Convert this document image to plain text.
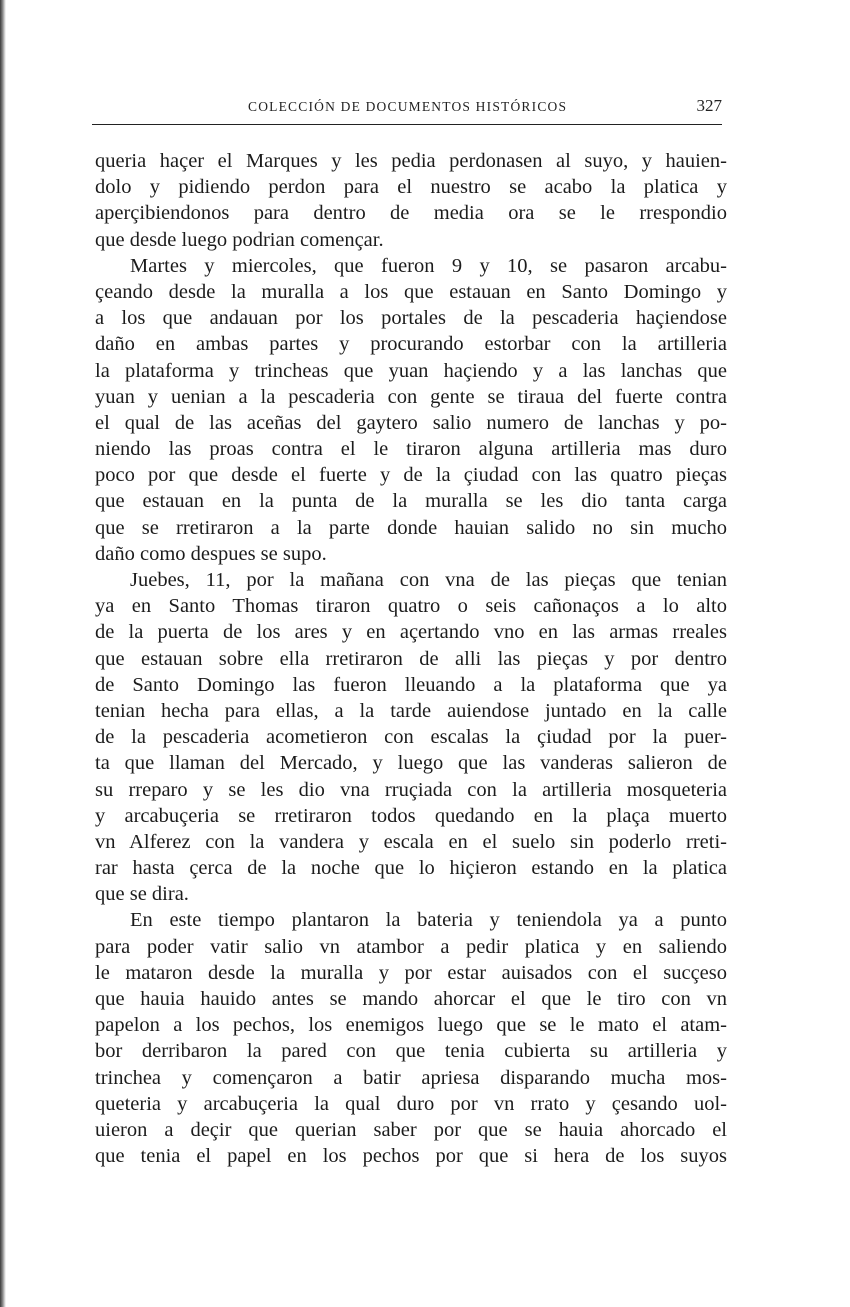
COLECCIÓN DE DOCUMENTOS HISTÓRICOS	327
queria haçer el Marques y les pedia perdonasen al suyo, y hauien-
dolo y pidiendo perdon para el nuestro se acabo la platica y
aperçibiendonos para dentro de media ora se le rrespondio
que desde luego podrian començar.
Martes y miercoles, que fueron 9 y 10, se pasaron arcabu-
çeando desde la muralla a los que estauan en Santo Domingo y
a los que andauan por los portales de la pescaderia haçiendose
daño en ambas partes y procurando estorbar con la artilleria
la plataforma y trincheas que yuan haçiendo y a las lanchas que
yuan y uenian a la pescaderia con gente se tiraua del fuerte contra
el qual de las aceñas del gaytero salio numero de lanchas y po-
niendo las proas contra el le tiraron alguna artilleria mas duro
poco por que desde el fuerte y de la çiudad con las quatro pieças
que estauan en la punta de la muralla se les dio tanta carga
que se rretiraron a la parte donde hauian salido no sin mucho
daño como despues se supo.
Juebes, 11, por la mañana con vna de las pieças que tenian
ya en Santo Thomas tiraron quatro o seis cañonaços a lo alto
de la puerta de los ares y en açertando vno en las armas rreales
que estauan sobre ella rretiraron de alli las pieças y por dentro
de Santo Domingo las fueron lleuando a la plataforma que ya
tenian hecha para ellas, a la tarde auiendose juntado en la calle
de la pescaderia acometieron con escalas la çiudad por la puer-
ta que llaman del Mercado, y luego que las vanderas salieron de
su rreparo y se les dio vna rruçiada con la artilleria mosqueteria
y arcabuçeria se rretiraron todos quedando en la plaça muerto
vn Alferez con la vandera y escala en el suelo sin poderlo rreti-
rar hasta çerca de la noche que lo hiçieron estando en la platica
que se dira.
En este tiempo plantaron la bateria y teniendola ya a punto
para poder vatir salio vn atambor a pedir platica y en saliendo
le mataron desde la muralla y por estar auisados con el sucçeso
que hauia hauido antes se mando ahorcar el que le tiro con vn
papelon a los pechos, los enemigos luego que se le mato el atam-
bor derribaron la pared con que tenia cubierta su artilleria y
trinchea y començaron a batir apriesa disparando mucha mos-
queteria y arcabuçeria la qual duro por vn rrato y çesando uol-
uieron a deçir que querian saber por que se hauia ahorcado el
que tenia el papel en los pechos por que si hera de los suyos
